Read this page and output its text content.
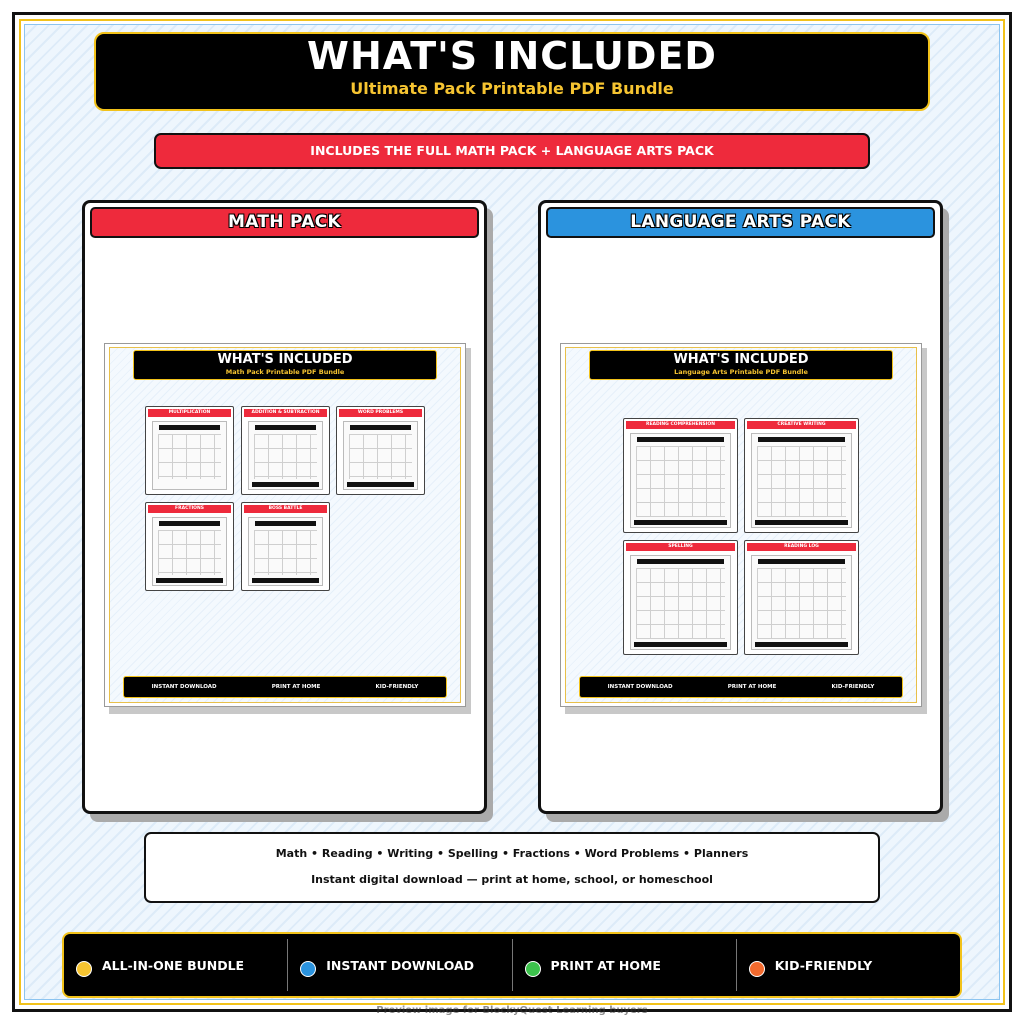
WHAT'S INCLUDED
Ultimate Pack Printable PDF Bundle
INCLUDES THE FULL MATH PACK + LANGUAGE ARTS PACK
MATH PACK
WHAT'S INCLUDED
Math Pack Printable PDF Bundle
MULTIPLICATION	ADDITION & SUBTRACTION	WORD PROBLEMS
FRACTIONS	BOSS BATTLE
INSTANT DOWNLOAD	PRINT AT HOME	KID-FRIENDLY
LANGUAGE ARTS PACK
WHAT'S INCLUDED
Language Arts Printable PDF Bundle
READING COMPREHENSION	CREATIVE WRITING
SPELLING	READING LOG
INSTANT DOWNLOAD	PRINT AT HOME	KID-FRIENDLY
Math • Reading • Writing • Spelling • Fractions • Word Problems • Planners
Instant digital download — print at home, school, or homeschool
ALL-IN-ONE BUNDLE	INSTANT DOWNLOAD	PRINT AT HOME	KID-FRIENDLY
Preview image for BlockyQuest Learning buyers
